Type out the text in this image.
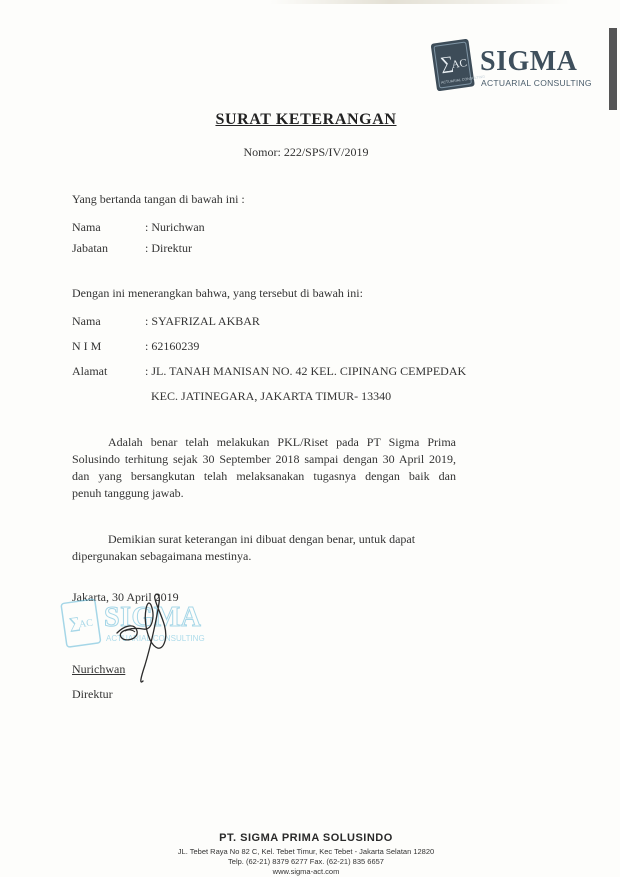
∑
AC
ACTUARIAL CONSULTING
SIGMA
ACTUARIAL CONSULTING
SURAT KETERANGAN
Nomor: 222/SPS/IV/2019
Yang bertanda tangan di bawah ini :
Nama	: Nurichwan
Jabatan	: Direktur
Dengan ini menerangkan bahwa, yang tersebut di bawah ini:
Nama	: SYAFRIZAL AKBAR
N I M	: 62160239
Alamat	: JL. TANAH MANISAN NO. 42 KEL. CIPINANG CEMPEDAK
KEC. JATINEGARA, JAKARTA TIMUR- 13340
Adalah benar telah melakukan PKL/Riset pada PT Sigma Prima
Solusindo terhitung sejak 30 September 2018 sampai dengan 30 April 2019,
dan yang bersangkutan telah melaksanakan tugasnya dengan baik dan
penuh tanggung jawab.
Demikian surat keterangan ini dibuat dengan benar, untuk dapat
dipergunakan sebagaimana mestinya.
Jakarta, 30 April 2019
∑
AC SIGMA
ACTUARIAL CONSULTING
Nurichwan
Direktur
PT. SIGMA PRIMA SOLUSINDO
JL. Tebet Raya No 82 C, Kel. Tebet Timur, Kec Tebet - Jakarta Selatan 12820
Telp. (62-21) 8379 6277 Fax. (62-21) 835 6657
www.sigma-act.com
